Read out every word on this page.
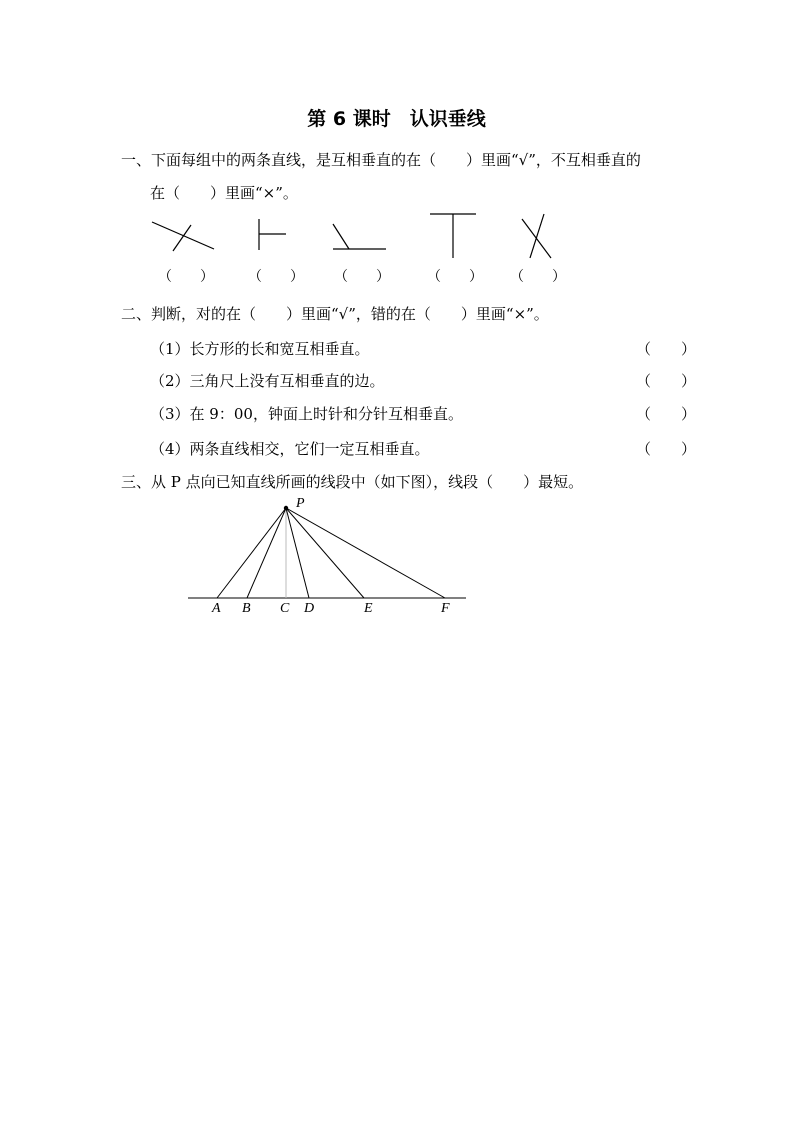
第 6 课时　认识垂线
一、下面每组中的两条直线，是互相垂直的在（　　）里画“√”，不互相垂直的
在（　　）里画“×”。
（　　） （　　） （　　）	（　　） （　　）
二、判断，对的在（　　）里画“√”，错的在（　　）里画“×”。
（1）长方形的长和宽互相垂直。	（　　）
（2）三角尺上没有互相垂直的边。	（　　）
（3）在 9：00，钟面上时针和分针互相垂直。	（　　）
（4）两条直线相交，它们一定互相垂直。	（　　）
三、从 P 点向已知直线所画的线段中（如下图），线段（　　）最短。
P
A B C D	E	F
